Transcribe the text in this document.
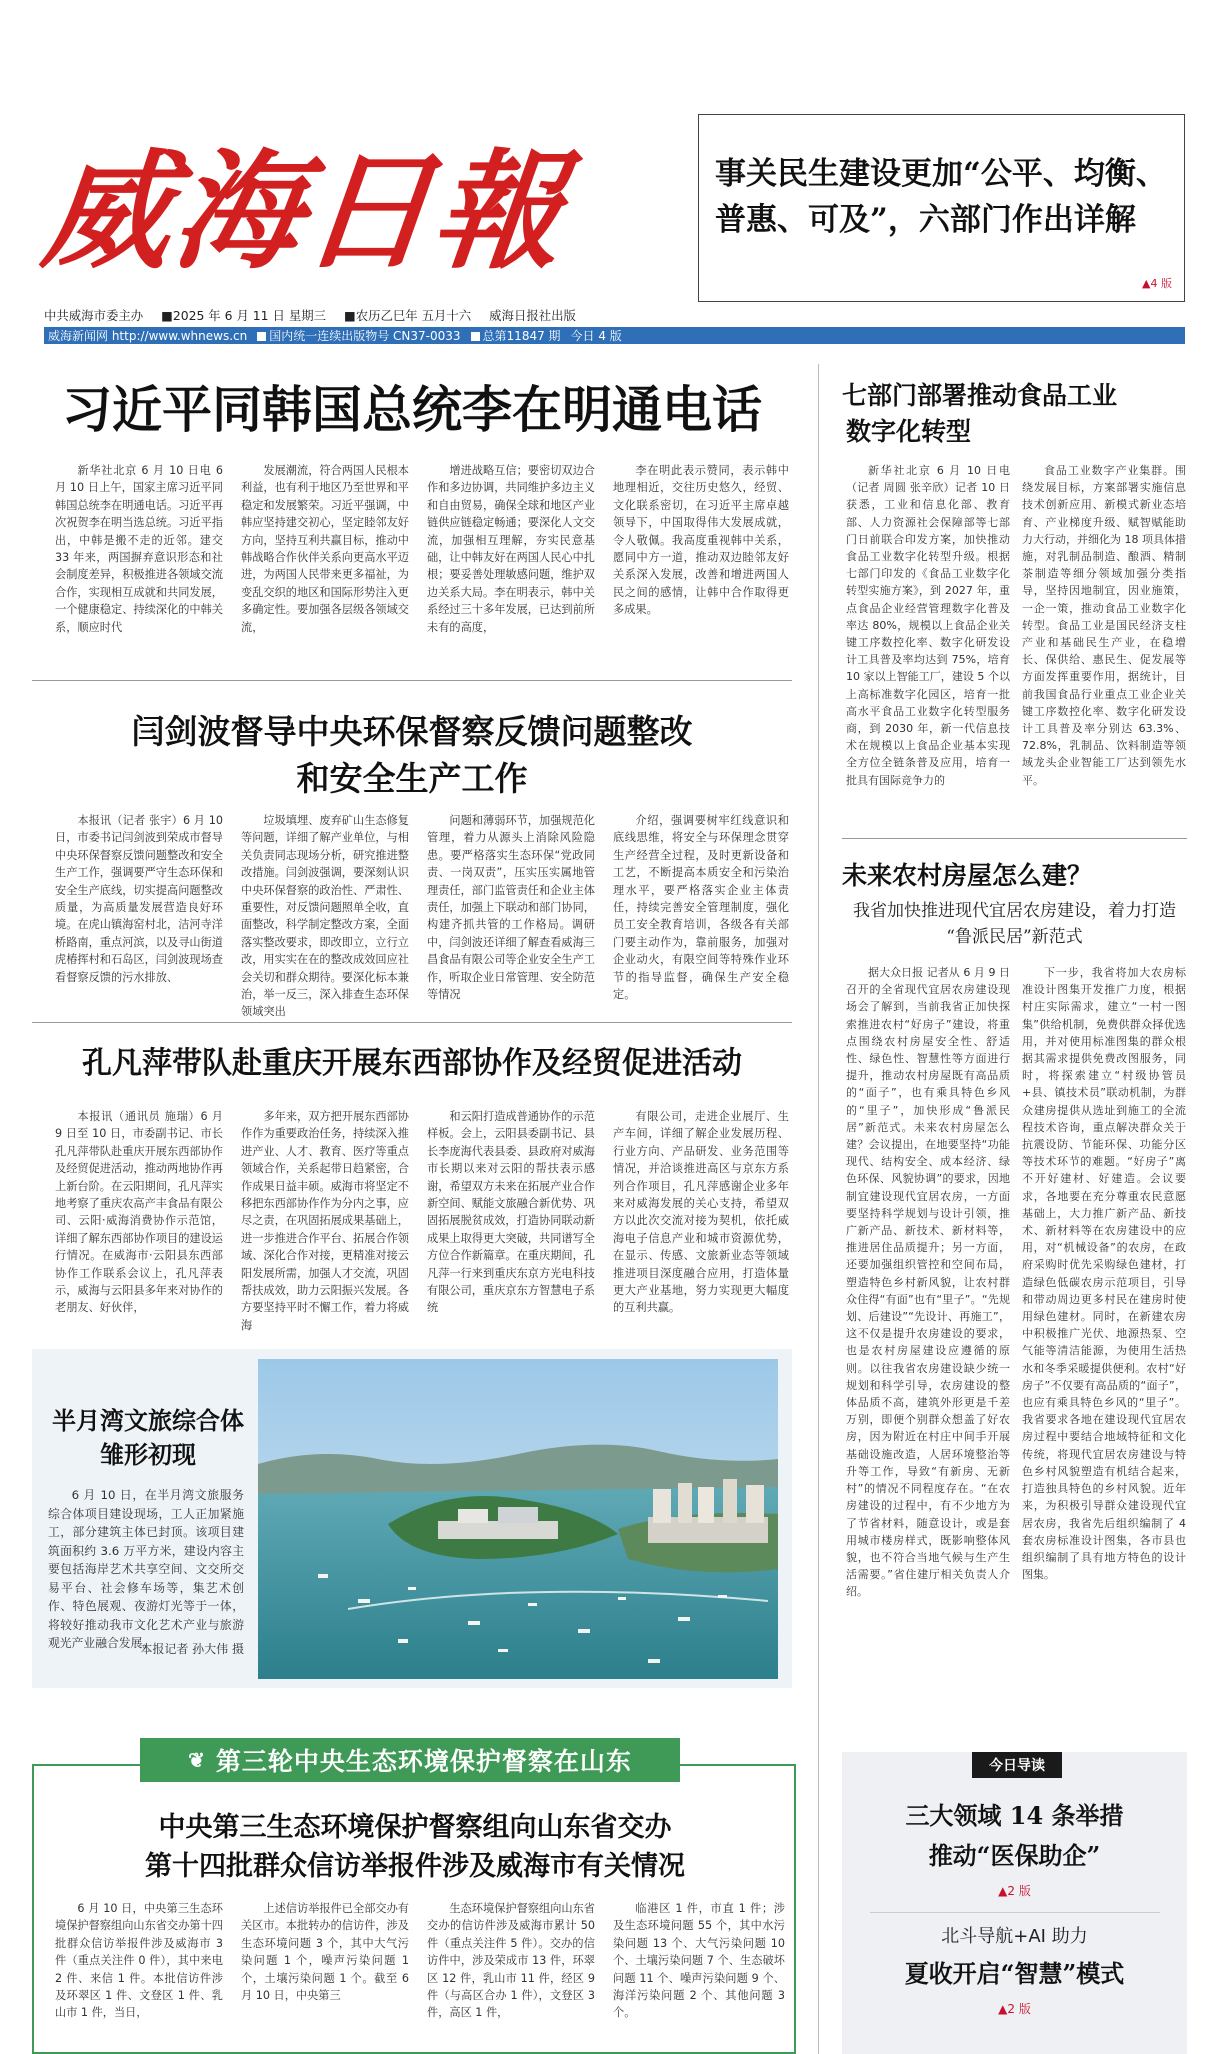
威海日報	事关民生建设更加“公平、均衡、普惠、可及”，六部门作出详解
▲4 版
中共威海市委主办 ■2025 年 6 月 11 日 星期三 ■农历乙巳年 五月十六 威海日报社出版
威海新闻网 http://www.whnews.cn	国内统一连续出版物号 CN37-0033	总第11847 期 今日 4 版
习近平同韩国总统李在明通电话
新华社北京 6 月 10 日电 6 月 10 日上午，国家主席习近平同韩国总统李在明通电话。习近平再次祝贺李在明当选总统。习近平指出，中韩是搬不走的近邻。建交 33 年来，两国摒弃意识形态和社会制度差异，积极推进各领域交流合作，实现相互成就和共同发展，一个健康稳定、持续深化的中韩关系，顺应时代
发展潮流，符合两国人民根本利益，也有利于地区乃至世界和平稳定和发展繁荣。习近平强调，中韩应坚持建交初心，坚定睦邻友好方向，坚持互利共赢目标，推动中韩战略合作伙伴关系向更高水平迈进，为两国人民带来更多福祉，为变乱交织的地区和国际形势注入更多确定性。要加强各层级各领域交流，
增进战略互信；要密切双边合作和多边协调，共同维护多边主义和自由贸易，确保全球和地区产业链供应链稳定畅通；要深化人文交流，加强相互理解，夯实民意基础，让中韩友好在两国人民心中扎根；要妥善处理敏感问题，维护双边关系大局。李在明表示，韩中关系经过三十多年发展，已达到前所未有的高度，
李在明此表示赞同，表示韩中地理相近，交往历史悠久，经贸、文化联系密切，在习近平主席卓越领导下，中国取得伟大发展成就，令人敬佩。我高度重视韩中关系，愿同中方一道，推动双边睦邻友好关系深入发展，改善和增进两国人民之间的感情，让韩中合作取得更多成果。
闫剑波督导中央环保督察反馈问题整改
和安全生产工作
本报讯（记者 张宇）6 月 10 日，市委书记闫剑波到荣成市督导中央环保督察反馈问题整改和安全生产工作，强调要严守生态环保和安全生产底线，切实提高问题整改质量，为高质量发展营造良好环境。在虎山镇海窑村北，洁河寺洋桥路南，重点河滨，以及寻山街道虎椿挥村和石岛区，闫剑波现场查看督察反馈的污水排放、
垃圾填埋、废弃矿山生态修复等问题，详细了解产业单位，与相关负责同志现场分析，研究推进整改措施。闫剑波强调，要深刻认识中央环保督察的政治性、严肃性、重要性，对反馈问题照单全收，直面整改，科学制定整改方案，全面落实整改要求，即改即立，立行立改，用实实在在的整改成效回应社会关切和群众期待。要深化标本兼治，举一反三，深入排查生态环保领域突出
问题和薄弱环节，加强规范化管理，着力从源头上消除风险隐患。要严格落实生态环保“党政同责、一岗双责”，压实压实属地管理责任，部门监管责任和企业主体责任，加强上下联动和部门协同，构建齐抓共管的工作格局。调研中，闫剑波还详细了解查看威海三昌食品有限公司等企业安全生产工作，听取企业日常管理、安全防范等情况
介绍，强调要树牢红线意识和底线思维，将安全与环保理念贯穿生产经营全过程，及时更新设备和工艺，不断提高本质安全和污染治理水平，要严格落实企业主体责任，持续完善安全管理制度，强化员工安全教育培训，各级各有关部门要主动作为，靠前服务，加强对企业动火，有限空间等特殊作业环节的指导监督，确保生产安全稳定。
孔凡萍带队赴重庆开展东西部协作及经贸促进活动
本报讯（通讯员 施瑞）6 月 9 日至 10 日，市委副书记、市长孔凡萍带队赴重庆开展东西部协作及经贸促进活动，推动两地协作再上新台阶。在云阳期间，孔凡萍实地考察了重庆农高产丰食品有限公司、云阳·威海消费协作示范馆，详细了解东西部协作项目的建设运行情况。在威海市·云阳县东西部协作工作联系会议上，孔凡萍表示，威海与云阳县多年来对协作的老朋友、好伙伴，
多年来，双方把开展东西部协作作为重要政治任务，持续深入推进产业、人才、教育、医疗等重点领域合作，关系起带日趋紧密，合作成果日益丰硕。威海市将坚定不移把东西部协作作为分内之事，应尽之责，在巩固拓展成果基础上，进一步推进合作平台、拓展合作领域、深化合作对接，更精准对接云阳发展所需，加强人才交流，巩固帮扶成效，助力云阳振兴发展。各方要坚持平时不懈工作，着力将威海
和云阳打造成普通协作的示范样板。会上，云阳县委副书记、县长李庞海代表县委、县政府对威海市长期以来对云阳的帮扶表示感谢，希望双方未来在拓展产业合作新空间、赋能文旅融合新优势、巩固拓展脱贫成效，打造协同联动新成果上取得更大突破，共同谱写全方位合作新篇章。在重庆期间，孔凡萍一行来到重庆东京方光电科技有限公司，重庆京东方智慧电子系统
有限公司，走进企业展厅、生产车间，详细了解企业发展历程、行业方向、产品研发、业务范围等情况，并洽谈推进高区与京东方系列合作项目，孔凡萍感谢企业多年来对威海发展的关心支持，希望双方以此次交流对接为契机，依托威海电子信息产业和城市资源优势，在显示、传感、文旅新业态等领域推进项目深度融合应用，打造体量更大产业基地，努力实现更大幅度的互利共赢。
半月湾文旅综合体雏形初现
6 月 10 日，在半月湾文旅服务综合体项目建设现场，工人正加紧施工，部分建筑主体已封顶。该项目建筑面积约 3.6 万平方米，建设内容主要包括海岸艺术共享空间、文交所交易平台、社会修车场等，集艺术创作、特色展观、夜游灯光等于一体，将较好推动我市文化艺术产业与旅游观光产业融合发展。
本报记者 孙大伟 摄
七部门部署推动食品工业
数字化转型
新华社北京 6 月 10 日电（记者 周圆 张辛欣）记者 10 日获悉，工业和信息化部、教育部、人力资源社会保障部等七部门日前联合印发方案，加快推动食品工业数字化转型升级。根据七部门印发的《食品工业数字化转型实施方案》，到 2027 年，重点食品企业经营管理数字化普及率达 80%，规模以上食品企业关键工序数控化率、数字化研发设计工具普及率均达到 75%，培育 10 家以上智能工厂，建设 5 个以上高标准数字化园区，培育一批高水平食品工业数字化转型服务商，到 2030 年，新一代信息技术在规模以上食品企业基本实现全方位全链条普及应用，培育一批具有国际竞争力的
食品工业数字产业集群。围绕发展目标，方案部署实施信息技术创新应用、新模式新业态培育、产业梯度升级、赋智赋能助力大行动，并细化为 18 项具体措施，对乳制品制造、酿酒、精制茶制造等细分领域加强分类指导，坚持因地制宜，因业施策，一企一策，推动食品工业数字化转型。食品工业是国民经济支柱产业和基础民生产业，在稳增长、保供给、惠民生、促发展等方面发挥重要作用，据统计，目前我国食品行业重点工业企业关键工序数控化率、数字化研发设计工具普及率分别达 63.3%、72.8%，乳制品、饮料制造等领域龙头企业智能工厂达到领先水平。
未来农村房屋怎么建？
我省加快推进现代宜居农房建设，着力打造
“鲁派民居”新范式
据大众日报 记者从 6 月 9 日召开的全省现代宜居农房建设现场会了解到，当前我省正加快探索推进农村“好房子”建设，将重点围绕农村房屋安全性、舒适性、绿色性、智慧性等方面进行提升，推动农村房屋既有高品质的“面子”，也有乘具特色乡风的“里子”，加快形成“鲁派民居”新范式。未来农村房屋怎么建？会议提出，在地要坚持“功能现代、结构安全、成本经济、绿色环保、风貌协调”的要求，因地制宜建设现代宜居农房，一方面要坚持科学规划与设计引领，推广新产品、新技术、新材料等，推进居住品质提升；另一方面，还要加强组织管控和空间布局，塑造特色乡村新风貌，让农村群众住得“有面”也有“里子”。“先规划、后建设”“先设计、再施工”，这不仅是提升农房建设的要求，也是农村房屋建设应遵循的原则。以往我省农房建设缺少统一规划和科学引导，农房建设的整体品质不高，建筑外形更是千差万别，即便个别群众想盖了好农房，因为附近在村庄中间手开展基础设施改造，人居环境整治等升等工作，导致“有新房、无新村”的情况不同程度存在。“在农房建设的过程中，有不少地方为了节省材料，随意设计，或是套用城市楼房样式，既影响整体风貌，也不符合当地气候与生产生活需要。”省住建厅相关负责人介绍。
下一步，我省将加大农房标准设计图集开发推广力度，根据村庄实际需求，建立“一村一图集”供给机制，免费供群众择优选用，并对使用标准图集的群众根据其需求提供免费改图服务，同时，将探索建立“村级协管员+县、镇技术员”联动机制，为群众建房提供从选址到施工的全流程技术咨询，重点解决群众关于抗震设防、节能环保、功能分区等技术环节的难题。“好房子”离不开好建材、好建造。会议要求，各地要在充分尊重农民意愿基础上，大力推广新产品、新技术、新材料等在农房建设中的应用，对“机械设备”的农房，在政府采购时优先采购绿色建材，打造绿色低碳农房示范项目，引导和带动周边更多村民在建房时使用绿色建材。同时，在新建农房中积极推广光伏、地源热泵、空气能等清洁能源，为使用生活热水和冬季采暖提供便利。农村“好房子”不仅要有高品质的“面子”，也应有乘具特色乡风的“里子”。我省要求各地在建设现代宜居农房过程中要结合地域特征和文化传统，将现代宜居农房建设与特色乡村风貌塑造有机结合起来，打造独具特色的乡村风貌。近年来，为积极引导群众建设现代宜居农房，我省先后组织编制了 4 套农房标准设计图集，各市县也组织编制了具有地方特色的设计图集。
❦ 第三轮中央生态环境保护督察在山东
中央第三生态环境保护督察组向山东省交办
第十四批群众信访举报件涉及威海市有关情况
6 月 10 日，中央第三生态环境保护督察组向山东省交办第十四批群众信访举报件涉及威海市 3 件（重点关注件 0 件），其中来电 2 件、来信 1 件。本批信访件涉及环翠区 1 件、文登区 1 件、乳山市 1 件，当日，
上述信访举报件已全部交办有关区市。本批转办的信访件，涉及生态环境问题 3 个，其中大气污染问题 1 个，噪声污染问题 1 个，土壤污染问题 1 个。截至 6 月 10 日，中央第三
生态环境保护督察组向山东省交办的信访件涉及威海市累计 50 件（重点关注件 5 件）。交办的信访件中，涉及荣成市 13 件，环翠区 12 件，乳山市 11 件，经区 9 件（与高区合办 1 件），文登区 3 件，高区 1 件，
临港区 1 件，市直 1 件；涉及生态环境问题 55 个，其中水污染问题 13 个、大气污染问题 10 个、土壤污染问题 7 个、生态破坏问题 11 个、噪声污染问题 9 个、海洋污染问题 2 个、其他问题 3 个。
今日导读
三大领域 14 条举措
推动“医保助企”
▲2 版
北斗导航+AI 助力
夏收开启“智慧”模式
▲2 版
